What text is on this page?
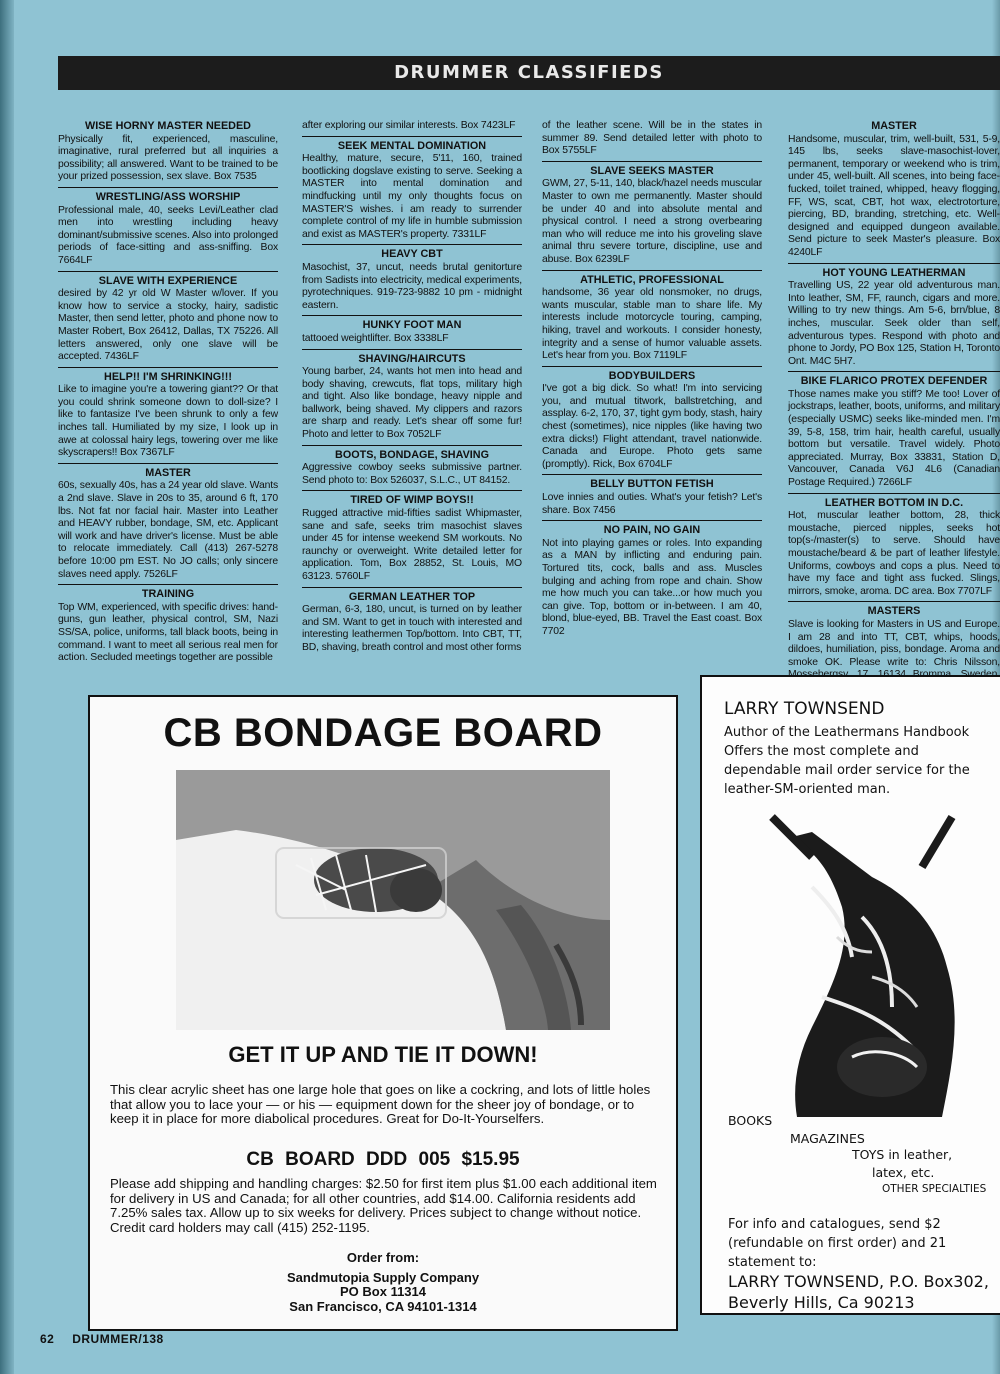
DRUMMER CLASSIFIEDS
WISE HORNY MASTER NEEDED

Physically fit, experienced, masculine, imaginative, rural preferred but all inquiries a possibility; all answered. Want to be trained to be your prized possession, sex slave. Box 7535

WRESTLING/ASS WORSHIP

Professional male, 40, seeks Levi/Leather clad men into wrestling including heavy dominant/submissive scenes. Also into prolonged periods of face-sitting and ass-sniffing. Box 7664LF

SLAVE WITH EXPERIENCE

desired by 42 yr old W Master w/lover. If you know how to service a stocky, hairy, sadistic Master, then send letter, photo and phone now to Master Robert, Box 26412, Dallas, TX 75226. All letters answered, only one slave will be accepted. 7436LF

HELP!! I'M SHRINKING!!!

Like to imagine you're a towering giant?? Or that you could shrink someone down to doll-size? I like to fantasize I've been shrunk to only a few inches tall. Humiliated by my size, I look up in awe at colossal hairy legs, towering over me like skyscrapers!! Box 7367LF

MASTER

60s, sexually 40s, has a 24 year old slave. Wants a 2nd slave. Slave in 20s to 35, around 6 ft, 170 lbs. Not fat nor facial hair. Master into Leather and HEAVY rubber, bondage, SM, etc. Applicant will work and have driver's license. Must be able to relocate immediately. Call (413) 267-5278 before 10:00 pm EST. No JO calls; only sincere slaves need apply. 7526LF

TRAINING

Top WM, experienced, with specific drives: hand-guns, gun leather, physical control, SM, Nazi SS/SA, police, uniforms, tall black boots, being in command. I want to meet all serious real men for action. Secluded meetings together are possible

after exploring our similar interests. Box 7423LF

SEEK MENTAL DOMINATION

Healthy, mature, secure, 5'11, 160, trained bootlicking dogslave existing to serve. Seeking a MASTER into mental domination and mindfucking until my only thoughts focus on MASTER'S wishes. i am ready to surrender complete control of my life in humble submission and exist as MASTER's property. 7331LF

HEAVY CBT

Masochist, 37, uncut, needs brutal genitorture from Sadists into electricity, medical experiments, pyrotechniques. 919-723-9882 10 pm - midnight eastern.

HUNKY FOOT MAN

tattooed weightlifter. Box 3338LF

SHAVING/HAIRCUTS

Young barber, 24, wants hot men into head and body shaving, crewcuts, flat tops, military high and tight. Also like bondage, heavy nipple and ballwork, being shaved. My clippers and razors are sharp and ready. Let's shear off some fur! Photo and letter to Box 7052LF

BOOTS, BONDAGE, SHAVING

Aggressive cowboy seeks submissive partner. Send photo to: Box 526037, S.L.C., UT 84152.

TIRED OF WIMP BOYS!!

Rugged attractive mid-fifties sadist Whipmaster, sane and safe, seeks trim masochist slaves under 45 for intense weekend SM workouts. No raunchy or overweight. Write detailed letter for application. Tom, Box 28852, St. Louis, MO 63123. 5760LF

GERMAN LEATHER TOP

German, 6-3, 180, uncut, is turned on by leather and SM. Want to get in touch with interested and interesting leathermen Top/bottom. Into CBT, TT, BD, shaving, breath control and most other forms

of the leather scene. Will be in the states in summer 89. Send detailed letter with photo to Box 5755LF

SLAVE SEEKS MASTER

GWM, 27, 5-11, 140, black/hazel needs muscular Master to own me permanently. Master should be under 40 and into absolute mental and physical control. I need a strong overbearing man who will reduce me into his groveling slave animal thru severe torture, discipline, use and abuse. Box 6239LF

ATHLETIC, PROFESSIONAL

handsome, 36 year old nonsmoker, no drugs, wants muscular, stable man to share life. My interests include motorcycle touring, camping, hiking, travel and workouts. I consider honesty, integrity and a sense of humor valuable assets. Let's hear from you. Box 7119LF

BODYBUILDERS

I've got a big dick. So what! I'm into servicing you, and mutual titwork, ballstretching, and assplay. 6-2, 170, 37, tight gym body, stash, hairy chest (sometimes), nice nipples (like having two extra dicks!) Flight attendant, travel nationwide. Canada and Europe. Photo gets same (promptly). Rick, Box 6704LF

BELLY BUTTON FETISH

Love innies and outies. What's your fetish? Let's share. Box 7456

NO PAIN, NO GAIN

Not into playing games or roles. Into expanding as a MAN by inflicting and enduring pain. Tortured tits, cock, balls and ass. Muscles bulging and aching from rope and chain. Show me how much you can take...or how much you can give. Top, bottom or in-between. I am 40, blond, blue-eyed, BB. Travel the East coast. Box 7702

MASTER

Handsome, muscular, trim, well-built, 531, 5-9, 145 lbs, seeks slave-masochist-lover, permanent, temporary or weekend who is trim, under 45, well-built. All scenes, into being face-fucked, toilet trained, whipped, heavy flogging, FF, WS, scat, CBT, hot wax, electrotorture, piercing, BD, branding, stretching, etc. Well-designed and equipped dungeon available. Send picture to seek Master's pleasure. Box 4240LF

HOT YOUNG LEATHERMAN

Travelling US, 22 year old adventurous man. Into leather, SM, FF, raunch, cigars and more. Willing to try new things. Am 5-6, brn/blue, 8 inches, muscular. Seek older than self, adventurous types. Respond with photo and phone to Jordy, PO Box 125, Station H, Toronto Ont. M4C 5H7.

BIKE FLARICO PROTEX DEFENDER

Those names make you stiff? Me too! Lover of jockstraps, leather, boots, uniforms, and military (especially USMC) seeks like-minded men. I'm 39, 5-8, 158, trim hair, health careful, usually bottom but versatile. Travel widely. Photo appreciated. Murray, Box 33831, Station D, Vancouver, Canada V6J 4L6 (Canadian Postage Required.) 7266LF

LEATHER BOTTOM IN D.C.

Hot, muscular leather bottom, 28, thick moustache, pierced nipples, seeks hot top(s-/master(s) to serve. Should have moustache/beard & be part of leather lifestyle. Uniforms, cowboys and cops a plus. Need to have my face and tight ass fucked. Slings, mirrors, smoke, aroma. DC area. Box 7707LF

MASTERS

Slave is looking for Masters in US and Europe. I am 28 and into TT, CBT, whips, hoods, dildoes, humiliation, piss, bondage. Aroma and smoke OK. Please write to: Chris Nilsson,

CB BONDAGE BOARD
GET IT UP AND TIE IT DOWN!
This clear acrylic sheet has one large hole that goes on like a cockring, and lots of little holes that allow you to lace your — or his — equipment down for the sheer joy of bondage, or to keep it in place for more diabolical procedures. Great for Do-It-Yourselfers.
CB BOARD DDD 005 $15.95
Please add shipping and handling charges: $2.50 for first item plus $1.00 each additional item for delivery in US and Canada; for all other countries, add $14.00. California residents add 7.25% sales tax. Allow up to six weeks for delivery. Prices subject to change without notice. Credit card holders may call (415) 252-1195.
Order from:
Sandmutopia Supply Company
PO Box 11314
San Francisco, CA 94101-1314
LARRY TOWNSEND
Author of the Leathermans Handbook Offers the most complete and dependable mail order service for the leather-SM-oriented man.
BOOKS
MAGAZINES
TOYS in leather,
latex, etc.
OTHER SPECIALTIES
For info and catalogues, send $2 (refundable on first order) and 21 statement to:
LARRY TOWNSEND, P.O. Box302,
Beverly Hills, Ca 90213
62 DRUMMER/138
